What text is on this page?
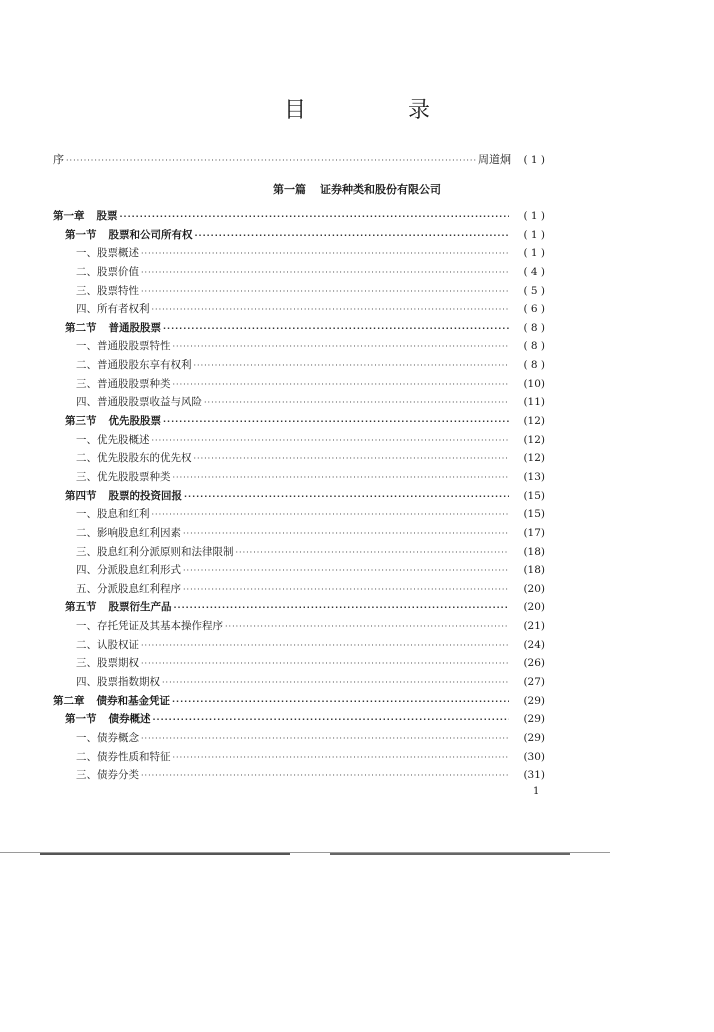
目　录
序 ·····	周道炯	( 1 )
第一篇 证券种类和股份有限公司
第一章 股票 ·····	( 1 )
第一节 股票和公司所有权 ·····	( 1 )
一、股票概述 ·····	( 1 )
二、股票价值 ·····	( 4 )
三、股票特性 ·····	( 5 )
四、所有者权利 ·····	( 6 )
第二节 普通股股票 ·····	( 8 )
一、普通股股票特性 ·····	( 8 )
二、普通股股东享有权利 ·····	( 8 )
三、普通股股票种类 ·····	(10)
四、普通股股票收益与风险 ·····	(11)
第三节 优先股股票 ·····	(12)
一、优先股概述 ·····	(12)
二、优先股股东的优先权 ·····	(12)
三、优先股股票种类 ·····	(13)
第四节 股票的投资回报 ·····	(15)
一、股息和红利 ·····	(15)
二、影响股息红利因素 ·····	(17)
三、股息红利分派原则和法律限制 ·····	(18)
四、分派股息红利形式 ·····	(18)
五、分派股息红利程序 ·····	(20)
第五节 股票衍生产品 ·····	(20)
一、存托凭证及其基本操作程序 ·····	(21)
二、认股权证 ·····	(24)
三、股票期权 ·····	(26)
四、股票指数期权 ·····	(27)
第二章 债券和基金凭证 ·····	(29)
第一节 债券概述 ·····	(29)
一、债券概念 ·····	(29)
二、债券性质和特征 ·····	(30)
三、债券分类 ·····	(31)
1
